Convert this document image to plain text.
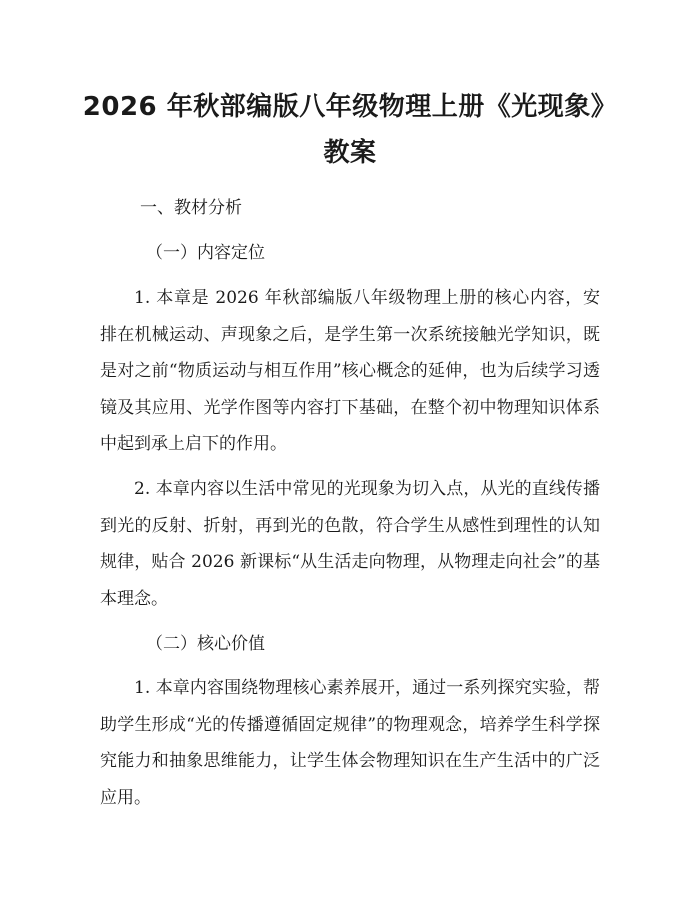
2026 年秋部编版八年级物理上册《光现象》
教案

一、教材分析

（一）内容定位

1. 本章是 2026 年秋部编版八年级物理上册的核心内容，安排在机械运动、声现象之后，是学生第一次系统接触光学知识，既是对之前“物质运动与相互作用”核心概念的延伸，也为后续学习透镜及其应用、光学作图等内容打下基础，在整个初中物理知识体系中起到承上启下的作用。

2. 本章内容以生活中常见的光现象为切入点，从光的直线传播到光的反射、折射，再到光的色散，符合学生从感性到理性的认知规律，贴合 2026 新课标“从生活走向物理，从物理走向社会”的基本理念。

（二）核心价值

1. 本章内容围绕物理核心素养展开，通过一系列探究实验，帮助学生形成“光的传播遵循固定规律”的物理观念，培养学生科学探究能力和抽象思维能力，让学生体会物理知识在生产生活中的广泛应用。
